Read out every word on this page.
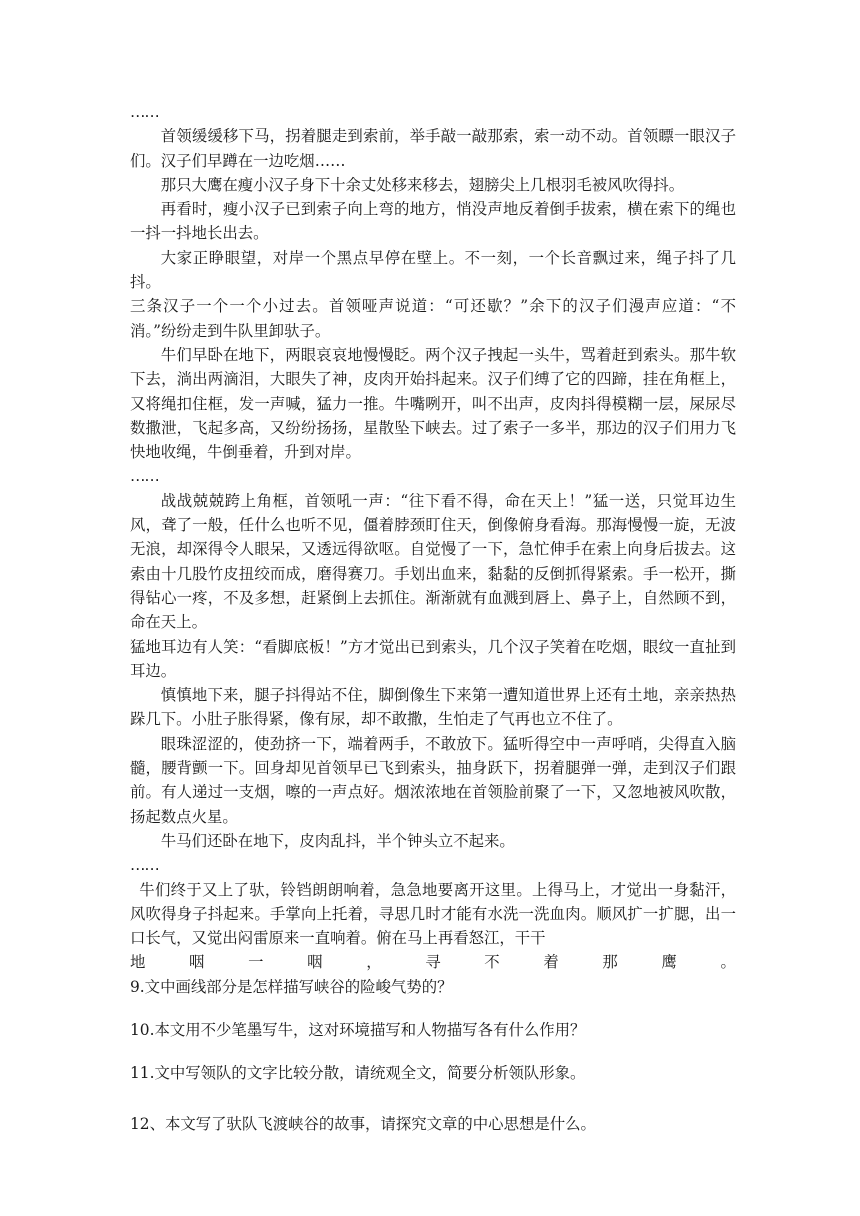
……

首领缓缓移下马，拐着腿走到索前，举手敲一敲那索，索一动不动。首领瞟一眼汉子们。汉子们早蹲在一边吃烟……

那只大鹰在瘦小汉子身下十余丈处移来移去，翅膀尖上几根羽毛被风吹得抖。

再看时，瘦小汉子已到索子向上弯的地方，悄没声地反着倒手拔索，横在索下的绳也一抖一抖地长出去。

大家正睁眼望，对岸一个黑点早停在壁上。不一刻，一个长音飘过来，绳子抖了几抖。

三条汉子一个一个小过去。首领哑声说道：“可还歇？”余下的汉子们漫声应道：“不消。”纷纷走到牛队里卸驮子。

牛们早卧在地下，两眼哀哀地慢慢眨。两个汉子拽起一头牛，骂着赶到索头。那牛软下去，淌出两滴泪，大眼失了神，皮肉开始抖起来。汉子们缚了它的四蹄，挂在角框上，又将绳扣住框，发一声喊，猛力一推。牛嘴咧开，叫不出声，皮肉抖得模糊一层，屎尿尽数撒泄，飞起多高，又纷纷扬扬，星散坠下峡去。过了索子一多半，那边的汉子们用力飞快地收绳，牛倒垂着，升到对岸。

……

战战兢兢跨上角框，首领吼一声：“往下看不得，命在天上！”猛一送，只觉耳边生风，聋了一般，任什么也听不见，僵着脖颈盯住天，倒像俯身看海。那海慢慢一旋，无波无浪，却深得令人眼呆，又透远得欲呕。自觉慢了一下，急忙伸手在索上向身后拔去。这索由十几股竹皮扭绞而成，磨得赛刀。手划出血来，黏黏的反倒抓得紧索。手一松开，撕得钻心一疼，不及多想，赶紧倒上去抓住。渐渐就有血溅到唇上、鼻子上，自然顾不到，命在天上。

猛地耳边有人笑：“看脚底板！”方才觉出已到索头，几个汉子笑着在吃烟，眼纹一直扯到耳边。

慎慎地下来，腿子抖得站不住，脚倒像生下来第一遭知道世界上还有土地，亲亲热热跺几下。小肚子胀得紧，像有尿，却不敢撒，生怕走了气再也立不住了。

眼珠涩涩的，使劲挤一下，端着两手，不敢放下。猛听得空中一声呼哨，尖得直入脑髓，腰背颤一下。回身却见首领早已飞到索头，抽身跃下，拐着腿弹一弹，走到汉子们跟前。有人递过一支烟，嚓的一声点好。烟浓浓地在首领脸前聚了一下，又忽地被风吹散，扬起数点火星。

牛马们还卧在地下，皮肉乱抖，半个钟头立不起来。

……

牛们终于又上了驮，铃铛朗朗响着，急急地要离开这里。上得马上，才觉出一身黏汗，风吹得身子抖起来。手掌向上托着，寻思几时才能有水洗一洗血肉。顺风扩一扩腮，出一口长气，又觉出闷雷原来一直响着。俯在马上再看怒江，干干

地	咽	一	咽	，	寻	不	着	那	鹰	。

9.文中画线部分是怎样描写峡谷的险峻气势的？

10.本文用不少笔墨写牛，这对环境描写和人物描写各有什么作用？

11.文中写领队的文字比较分散，请统观全文，简要分析领队形象。

12、本文写了驮队飞渡峡谷的故事，请探究文章的中心思想是什么。
